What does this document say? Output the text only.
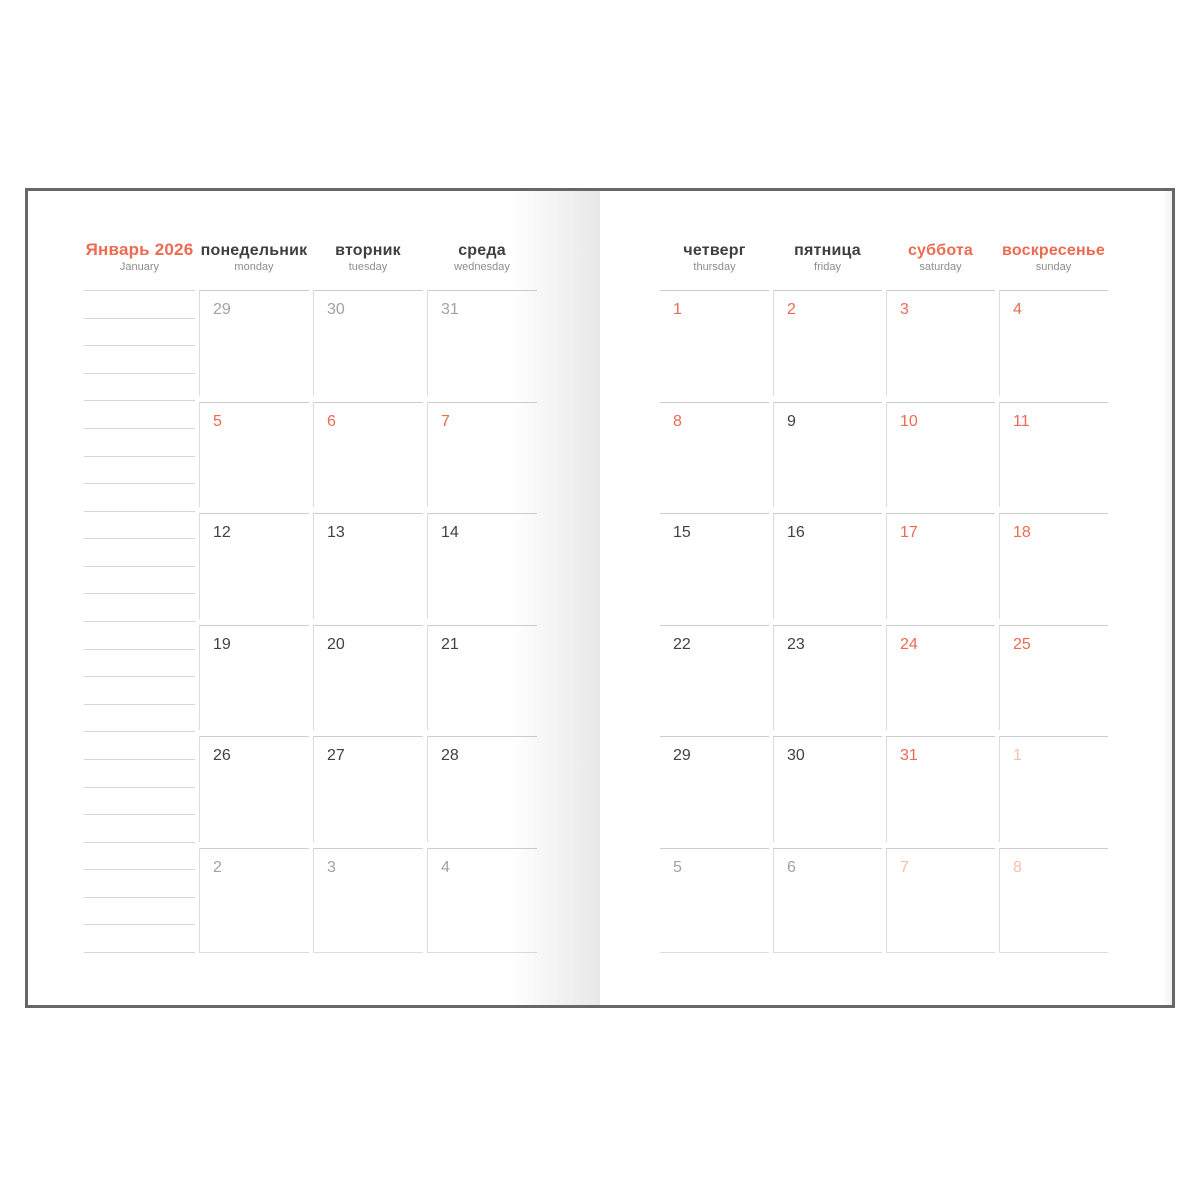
Январь 2026
January
понедельник
monday
вторник
tuesday
среда
wednesday
29	30	31
5	6	7
12	13	14
19	20	21
26	27	28
2	3	4
четверг
thursday
пятница
friday
суббота
saturday
воскресенье
sunday
1	2	3	4
8	9	10	11
15	16	17	18
22	23	24	25
29	30	31	1
5	6	7	8
